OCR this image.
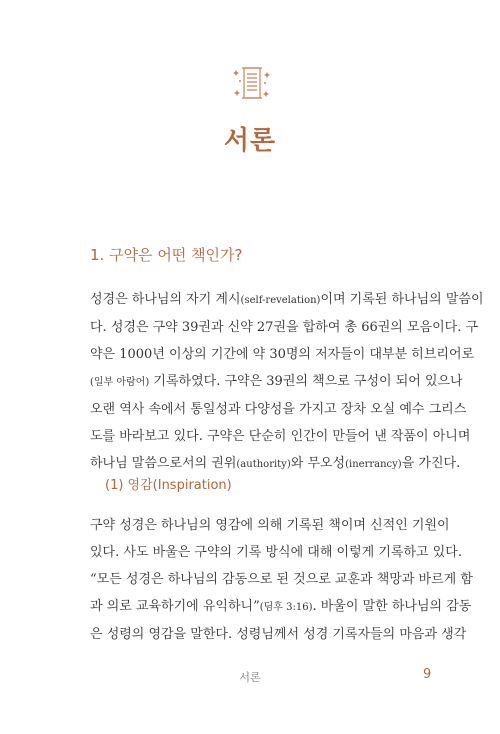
서론
1. 구약은 어떤 책인가?
성경은 하나님의 자기 계시(self-revelation)이며 기록된 하나님의 말씀이
다. 성경은 구약 39권과 신약 27권을 합하여 총 66권의 모음이다. 구
약은 1000년 이상의 기간에 약 30명의 저자들이 대부분 히브리어로
(일부 아람어) 기록하였다. 구약은 39권의 책으로 구성이 되어 있으나
오랜 역사 속에서 통일성과 다양성을 가지고 장차 오실 예수 그리스
도를 바라보고 있다. 구약은 단순히 인간이 만들어 낸 작품이 아니며
하나님 말씀으로서의 권위(authority)와 무오성(inerrancy)을 가진다.
(1) 영감(Inspiration)
구약 성경은 하나님의 영감에 의해 기록된 책이며 신적인 기원이
있다. 사도 바울은 구약의 기록 방식에 대해 이렇게 기록하고 있다.
“모든 성경은 하나님의 감동으로 된 것으로 교훈과 책망과 바르게 함
과 의로 교육하기에 유익하니”(딤후 3:16). 바울이 말한 하나님의 감동
은 성령의 영감을 말한다. 성령님께서 성경 기록자들의 마음과 생각
서론	9
